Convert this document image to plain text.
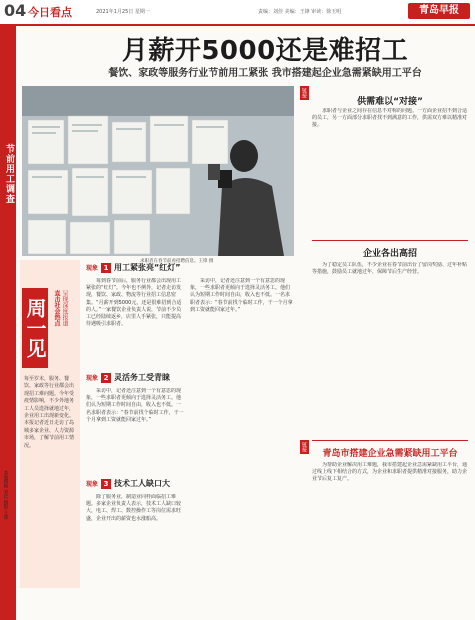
04 今日看点	2021年1月25日 星期一	责编：刘佳 美编：王锋 审读：徐玉明	青岛早报
节前用工调查
本版撰稿 刘佳 摄影 王锋
月薪开5000还是难招工
餐饮、家政等服务行业节前用工紧张 我市搭建起企业急需紧缺用工平台
求职者在春节前看招聘信息。王锋 摄
周一见 直击社会热点 呈现深度报道
每至岁末，服务、餐饮、家政等行业都会出现招工难问题。今年受疫情影响，不少外地务工人员选择就地过年，企业用工出现新变化。本报记者近日走访了岛城多家企业、人力资源市场，了解节前用工情况。
现象 1 用工紧张亮“红灯”
每到春节前后，服务行业都会出现用工紧张的“红灯”。今年也不例外，记者走访发现，餐饮、家政、物流等行业招工信息密集。“月薪开到5000元，还是很难招到合适的人。”一家餐饮企业负责人说，节前不少员工已经陆续返乡，店里人手紧张，只能提高待遇吸引求职者。
采访中，记者还注意到一个有意思的现象，一些求职者更倾向于选择灵活务工。他们认为短期工作时间自由，收入也不低。一名求职者表示：“春节前找个临时工作，干一个月拿到工资就能回家过年。”
现象 2 灵活务工受青睐
采访中，记者还注意到一个有意思的现象，一些求职者更倾向于选择灵活务工。他们认为短期工作时间自由，收入也不低。一名求职者表示：“春节前找个临时工作，干一个月拿到工资就能回家过年。”
现象 3 技术工人缺口大
除了服务业，制造业同样面临招工难题。多家企业负责人表示，技术工人缺口较大，电工、焊工、数控操作工等岗位需求旺盛，企业开出的薪资也水涨船高。
链接
供需难以“对接”
求职者与企业之间存在信息不对称的问题。一方面企业招不到合适的员工，另一方面部分求职者找不到满意的工作，供需双方难以精准对接。
企业各出高招
为了稳定员工队伍，不少企业在春节前出台了留岗奖励、过年补贴等措施，鼓励员工就地过年，保障节后生产经营。
链接
青岛市搭建企业急需紧缺用工平台
为帮助企业解决用工难题，我市搭建起企业急需紧缺用工平台，通过线上线下相结合的方式，为企业和求职者提供精准对接服务，助力企业节后复工复产。
